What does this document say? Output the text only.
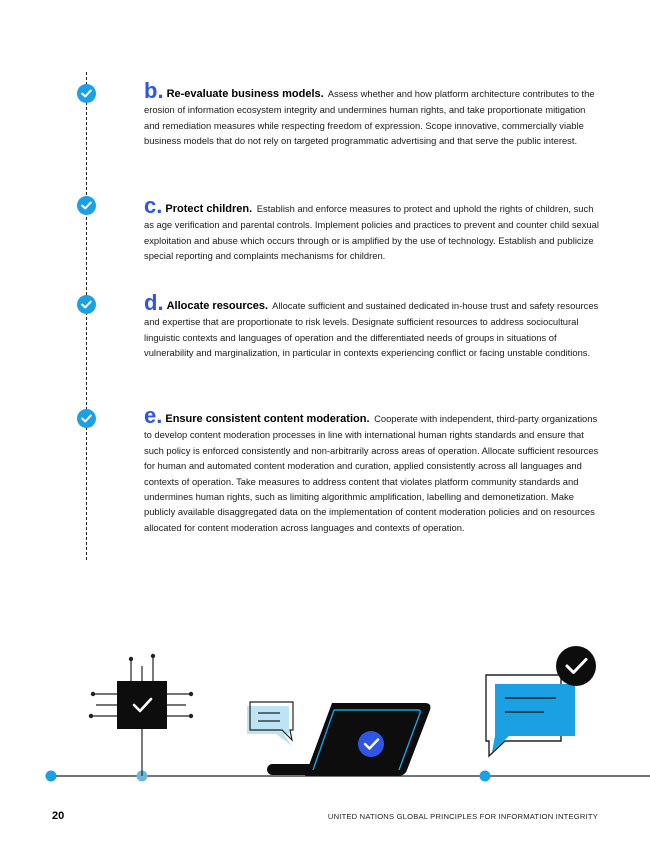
b. Re-evaluate business models. Assess whether and how platform architecture contributes to the erosion of information ecosystem integrity and undermines human rights, and take proportionate mitigation and remediation measures while respecting freedom of expression. Scope innovative, commercially viable business models that do not rely on targeted programmatic advertising and that serve the public interest.
c. Protect children. Establish and enforce measures to protect and uphold the rights of children, such as age verification and parental controls. Implement policies and practices to prevent and counter child sexual exploitation and abuse which occurs through or is amplified by the use of technology. Establish and publicize special reporting and complaints mechanisms for children.
d. Allocate resources. Allocate sufficient and sustained dedicated in-house trust and safety resources and expertise that are proportionate to risk levels. Designate sufficient resources to address sociocultural linguistic contexts and languages of operation and the differentiated needs of groups in situations of vulnerability and marginalization, in particular in contexts experiencing conflict or facing unstable conditions.
e. Ensure consistent content moderation. Cooperate with independent, third-party organizations to develop content moderation processes in line with international human rights standards and ensure that such policy is enforced consistently and non-arbitrarily across areas of operation. Allocate sufficient resources for human and automated content moderation and curation, applied consistently across all languages and contexts of operation. Take measures to address content that violates platform community standards and undermines human rights, such as limiting algorithmic amplification, labelling and demonetization. Make publicly available disaggregated data on the implementation of content moderation policies and on resources allocated for content moderation across languages and contexts of operation.
20	UNITED NATIONS GLOBAL PRINCIPLES FOR INFORMATION INTEGRITY
